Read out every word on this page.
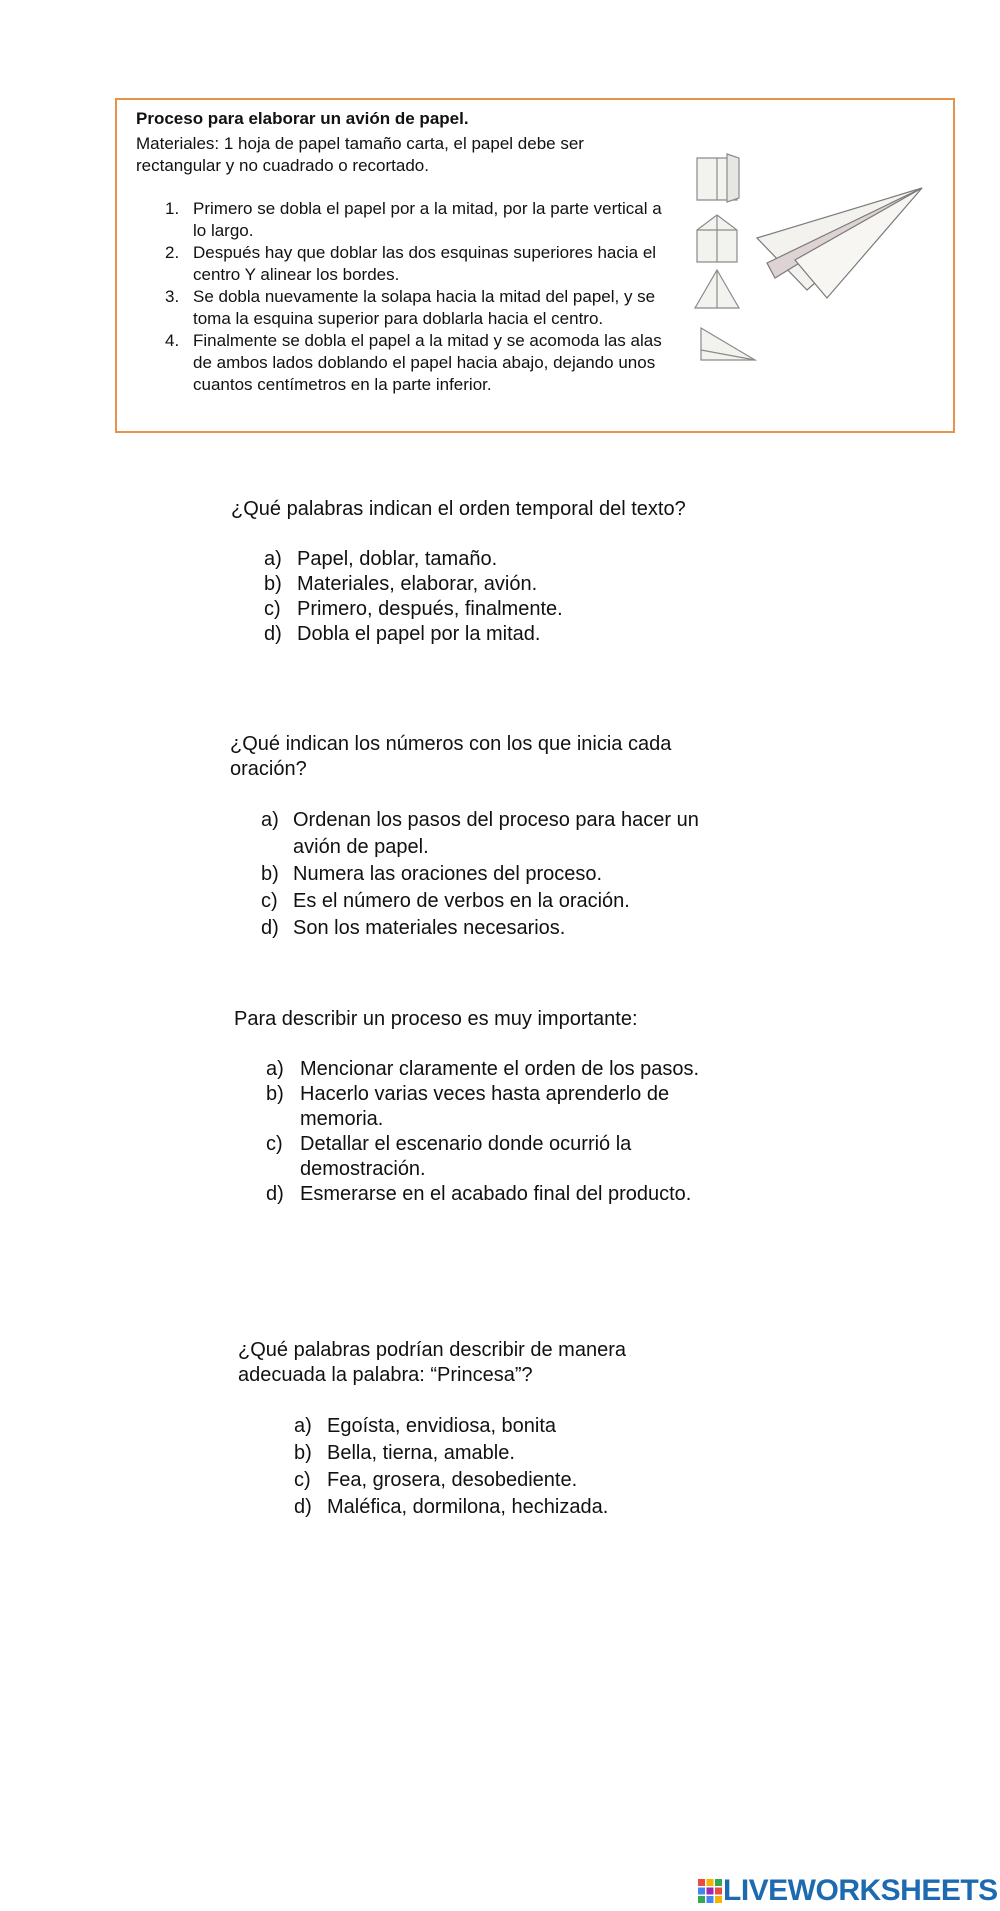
Proceso para elaborar un avión de papel.
Materiales: 1 hoja de papel tamaño carta, el papel debe ser rectangular y no cuadrado o recortado.
1. Primero se dobla el papel por a la mitad, por la parte vertical a lo largo.
2. Después hay que doblar las dos esquinas superiores hacia el centro Y alinear los bordes.
3. Se dobla nuevamente la solapa hacia la mitad del papel, y se toma la esquina superior para doblarla hacia el centro.
4. Finalmente se dobla el papel a la mitad y se acomoda las alas de ambos lados doblando el papel hacia abajo, dejando unos cuantos centímetros en la parte inferior.
¿Qué palabras indican el orden temporal del texto?
a) Papel, doblar, tamaño.
b) Materiales, elaborar, avión.
c) Primero, después, finalmente.
d) Dobla el papel por la mitad.
¿Qué indican los números con los que inicia cada oración?
a) Ordenan los pasos del proceso para hacer un avión de papel.
b) Numera las oraciones del proceso.
c) Es el número de verbos en la oración.
d) Son los materiales necesarios.
Para describir un proceso es muy importante:
a) Mencionar claramente el orden de los pasos.
b) Hacerlo varias veces hasta aprenderlo de memoria.
c) Detallar el escenario donde ocurrió la demostración.
d) Esmerarse en el acabado final del producto.
¿Qué palabras podrían describir de manera adecuada la palabra: “Princesa”?
a) Egoísta, envidiosa, bonita
b) Bella, tierna, amable.
c) Fea, grosera, desobediente.
d) Maléfica, dormilona, hechizada.
LIVEWORKSHEETS
